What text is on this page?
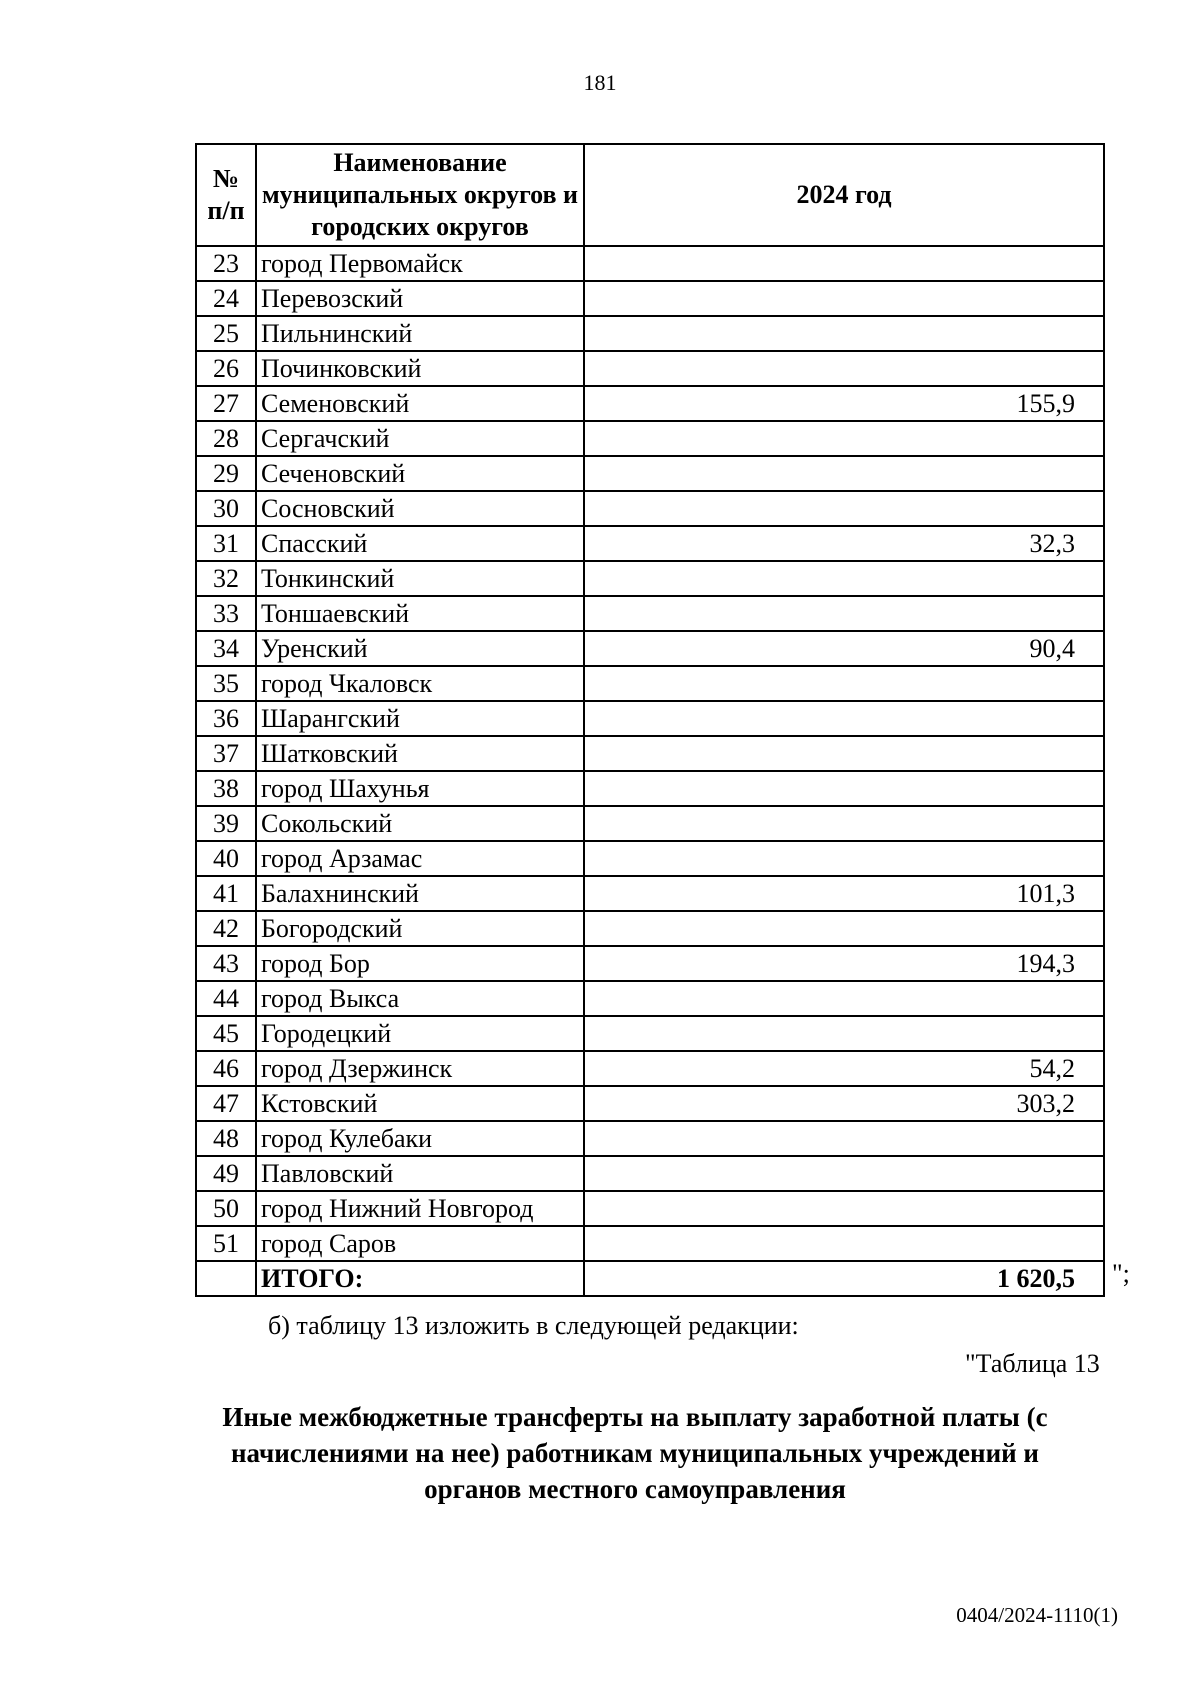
181
№ п/п	Наименование муниципальных округов и городских округов	2024 год
23	город Первомайск	
24	Перевозский	
25	Пильнинский	
26	Починковский	
27	Семеновский	155,9
28	Сергачский	
29	Сеченовский	
30	Сосновский	
31	Спасский	32,3
32	Тонкинский	
33	Тоншаевский	
34	Уренский	90,4
35	город Чкаловск	
36	Шарангский	
37	Шатковский	
38	город Шахунья	
39	Сокольский	
40	город Арзамас	
41	Балахнинский	101,3
42	Богородский	
43	город Бор	194,3
44	город Выкса	
45	Городецкий	
46	город Дзержинск	54,2
47	Кстовский	303,2
48	город Кулебаки	
49	Павловский	
50	город Нижний Новгород	
51	город Саров	
	ИТОГО:	1 620,5 ";
б) таблицу 13 изложить в следующей редакции:
"Таблица 13
Иные межбюджетные трансферты на выплату заработной платы (с начислениями на нее) работникам муниципальных учреждений и органов местного самоуправления
0404/2024-1110(1)
